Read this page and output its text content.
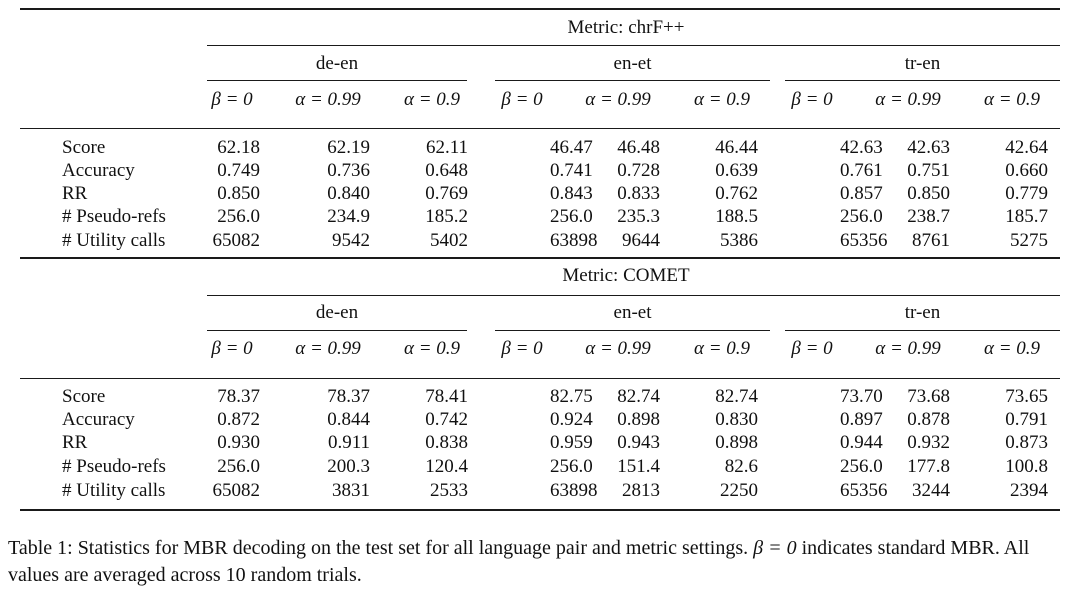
Metric: chrF++
de-en
β = 0 α = 0.99 α = 0.9
en-et
β = 0 α = 0.99 α = 0.9
tr-en
β = 0 α = 0.99 α = 0.9
Score	62.18	62.19	62.11	46.47 46.48	46.44	42.63 42.63	42.64
Accuracy	0.749	0.736	0.648	0.741 0.728	0.639	0.761 0.751	0.660
RR	0.850	0.840	0.769	0.843 0.833	0.762	0.857 0.850	0.779
# Pseudo-refs	256.0	234.9	185.2	256.0 235.3	188.5	256.0 238.7	185.7
# Utility calls 65082	9542	5402	63898 9644	5386	65356 8761	5275
Metric: COMET
de-en
β = 0 α = 0.99 α = 0.9
en-et
β = 0 α = 0.99 α = 0.9
tr-en
β = 0 α = 0.99 α = 0.9
Score	78.37	78.37	78.41	82.75 82.74	82.74	73.70 73.68	73.65
Accuracy	0.872	0.844	0.742	0.924 0.898	0.830	0.897 0.878	0.791
RR	0.930	0.911	0.838	0.959 0.943	0.898	0.944 0.932	0.873
# Pseudo-refs	256.0	200.3	120.4	256.0 151.4	82.6	256.0 177.8	100.8
# Utility calls 65082	3831	2533	63898 2813	2250	65356 3244	2394
Table 1: Statistics for MBR decoding on the test set for all language pair and metric settings. β = 0 indicates standard MBR. All values are averaged across 10 random trials.
